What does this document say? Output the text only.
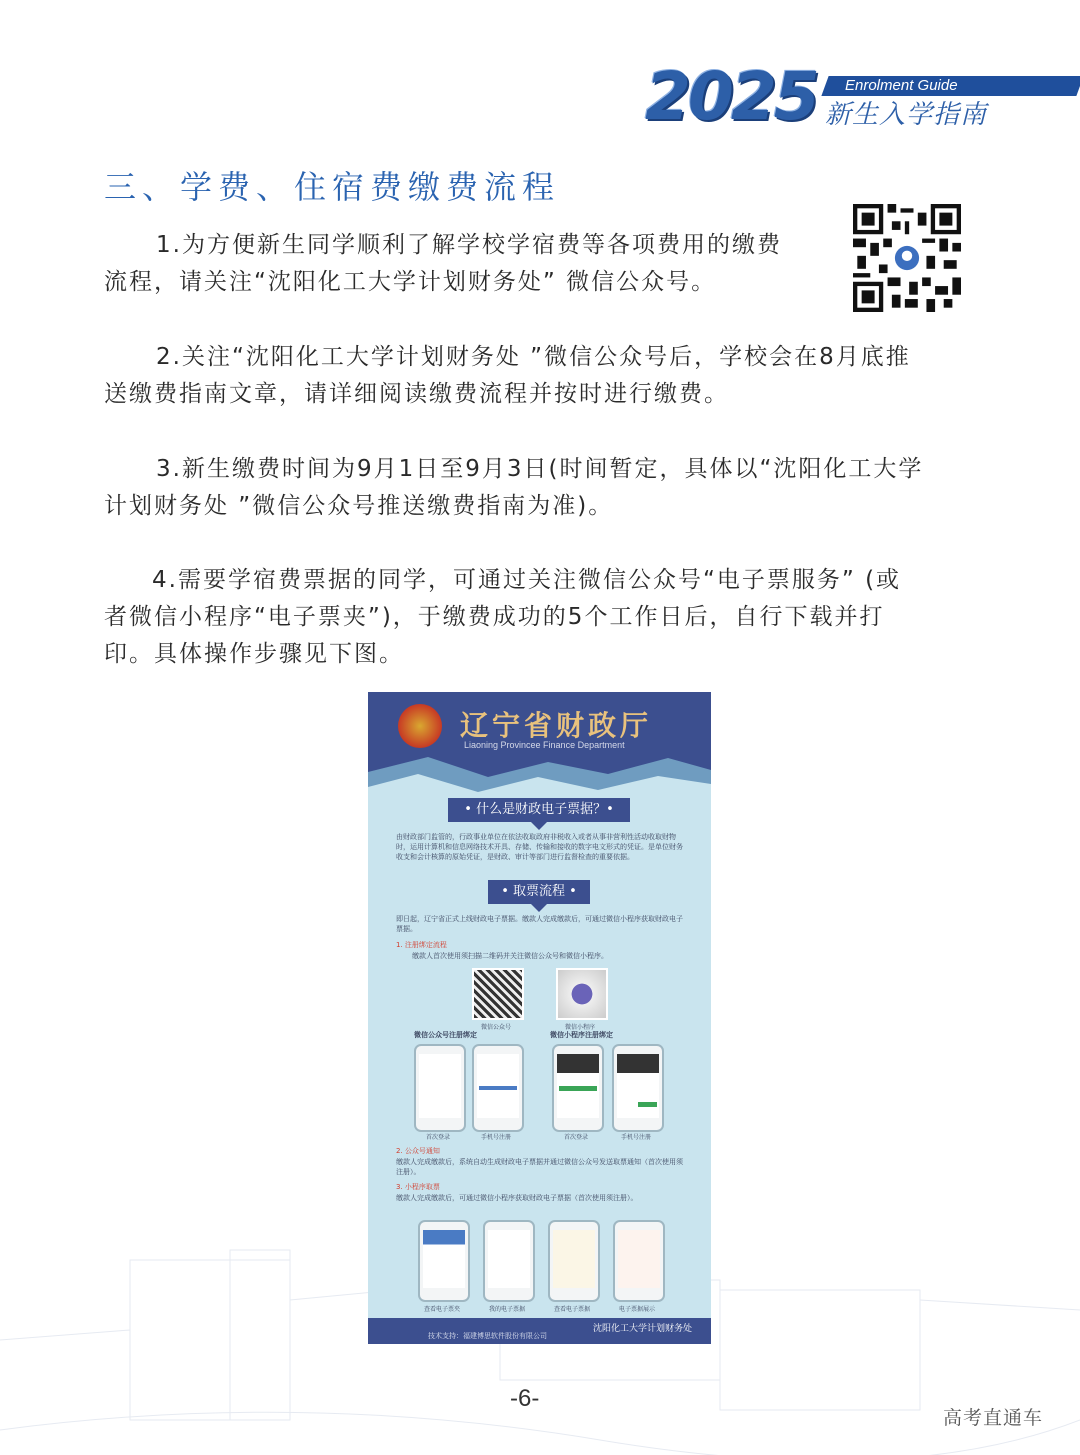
2025 Enrolment Guide
新生入学指南
三、学费、住宿费缴费流程
1.为方便新生同学顺利了解学校学宿费等各项费用的缴费
流程，请关注“沈阳化工大学计划财务处” 微信公众号。
2.关注“沈阳化工大学计划财务处 ”微信公众号后，学校会在8月底推
送缴费指南文章，请详细阅读缴费流程并按时进行缴费。
3.新生缴费时间为9月1日至9月3日(时间暂定，具体以“沈阳化工大学
计划财务处 ”微信公众号推送缴费指南为准)。
4.需要学宿费票据的同学，可通过关注微信公众号“电子票服务” (或
者微信小程序“电子票夹”)，于缴费成功的5个工作日后，自行下载并打
印。具体操作步骤见下图。
辽宁省财政厅
Liaoning Provincee Finance Department
• 什么是财政电子票据？•
由财政部门监管的，行政事业单位在依法收取政府非税收入或者从事非营利性活动收取财物时，运用计算机和信息网络技术开具、存储、传输和接收的数字电文形式的凭证。是单位财务收支和会计核算的原始凭证，是财政、审计等部门进行监督检查的重要依据。
• 取票流程 •
即日起，辽宁省正式上线财政电子票据。缴款人完成缴款后，可通过微信小程序获取财政电子票据。
1. 注册绑定流程
缴款人首次使用须扫描二维码并关注微信公众号和微信小程序。
微信公众号	微信小程序
微信公众号注册绑定	微信小程序注册绑定
首次登录	手机号注册	首次登录	手机号注册
2. 公众号通知
缴款人完成缴款后，系统自动生成财政电子票据并通过微信公众号发送取票通知（首次使用须注册）。
3. 小程序取票
缴款人完成缴款后，可通过微信小程序获取财政电子票据（首次使用须注册）。
查看电子票夹	我的电子票据	查看电子票据	电子票据展示
技术支持：福建博思软件股份有限公司
沈阳化工大学计划财务处
-6-
高考直通车
